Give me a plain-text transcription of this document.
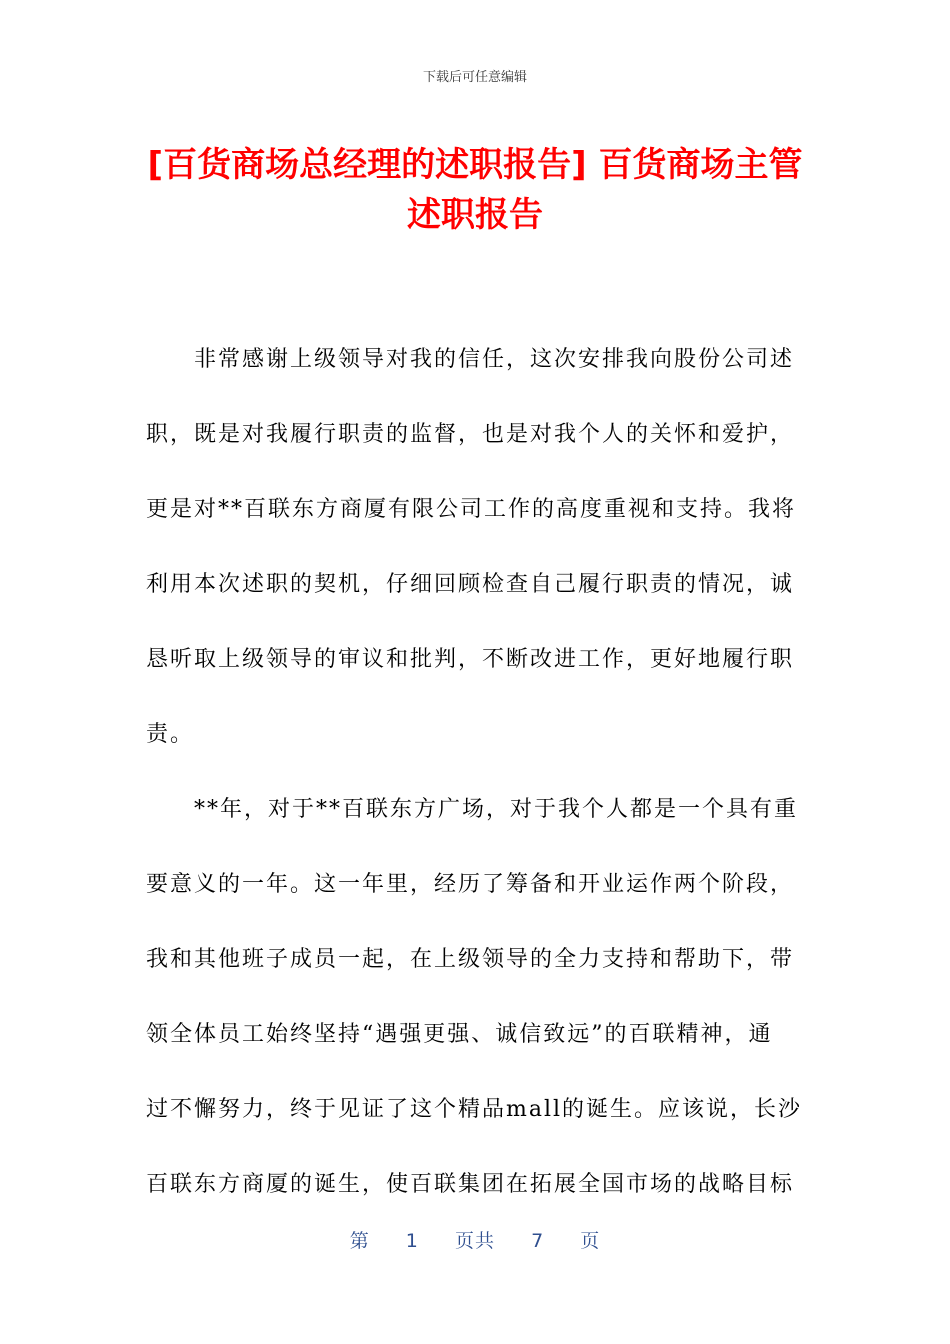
下载后可任意编辑
[百货商场总经理的述职报告] 百货商场主管
述职报告
　　非常感谢上级领导对我的信任，这次安排我向股份公司述
职，既是对我履行职责的监督，也是对我个人的关怀和爱护，
更是对**百联东方商厦有限公司工作的高度重视和支持。我将
利用本次述职的契机，仔细回顾检查自己履行职责的情况，诚
恳听取上级领导的审议和批判，不断改进工作，更好地履行职
责。
　　**年，对于**百联东方广场，对于我个人都是一个具有重
要意义的一年。这一年里，经历了筹备和开业运作两个阶段，
我和其他班子成员一起，在上级领导的全力支持和帮助下，带
领全体员工始终坚持“遇强更强、诚信致远”的百联精神，通
过不懈努力，终于见证了这个精品mall的诞生。应该说，长沙
百联东方商厦的诞生，使百联集团在拓展全国市场的战略目标
第 1 页共 7 页
